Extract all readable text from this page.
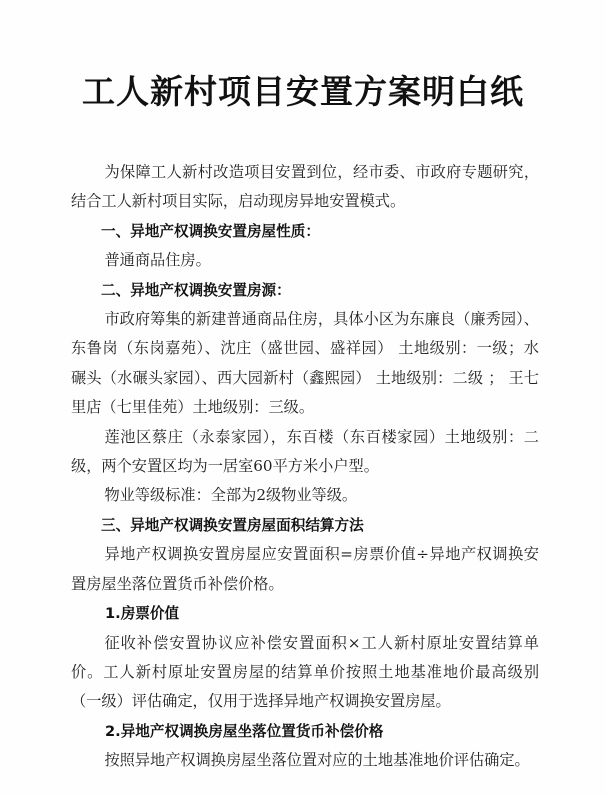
工人新村项目安置方案明白纸

为保障工人新村改造项目安置到位，经市委、市政府专题研究，结合工人新村项目实际，启动现房异地安置模式。

一、异地产权调换安置房屋性质：

普通商品住房。

二、异地产权调换安置房源：

市政府筹集的新建普通商品住房，具体小区为东廉良（廉秀园）、东鲁岗（东岗嘉苑）、沈庄（盛世园、盛祥园） 土地级别：一级；水碾头（水碾头家园）、西大园新村（鑫熙园） 土地级别：二级 ； 王七里店（七里佳苑）土地级别：三级。

莲池区蔡庄（永泰家园），东百楼（东百楼家园）土地级别：二级，两个安置区均为一居室60平方米小户型。

物业等级标准：全部为2级物业等级。

三、异地产权调换安置房屋面积结算方法

异地产权调换安置房屋应安置面积=房票价值÷异地产权调换安置房屋坐落位置货币补偿价格。

1.房票价值

征收补偿安置协议应补偿安置面积×工人新村原址安置结算单价。工人新村原址安置房屋的结算单价按照土地基准地价最高级别（一级）评估确定，仅用于选择异地产权调换安置房屋。

2.异地产权调换房屋坐落位置货币补偿价格

按照异地产权调换房屋坐落位置对应的土地基准地价评估确定。
